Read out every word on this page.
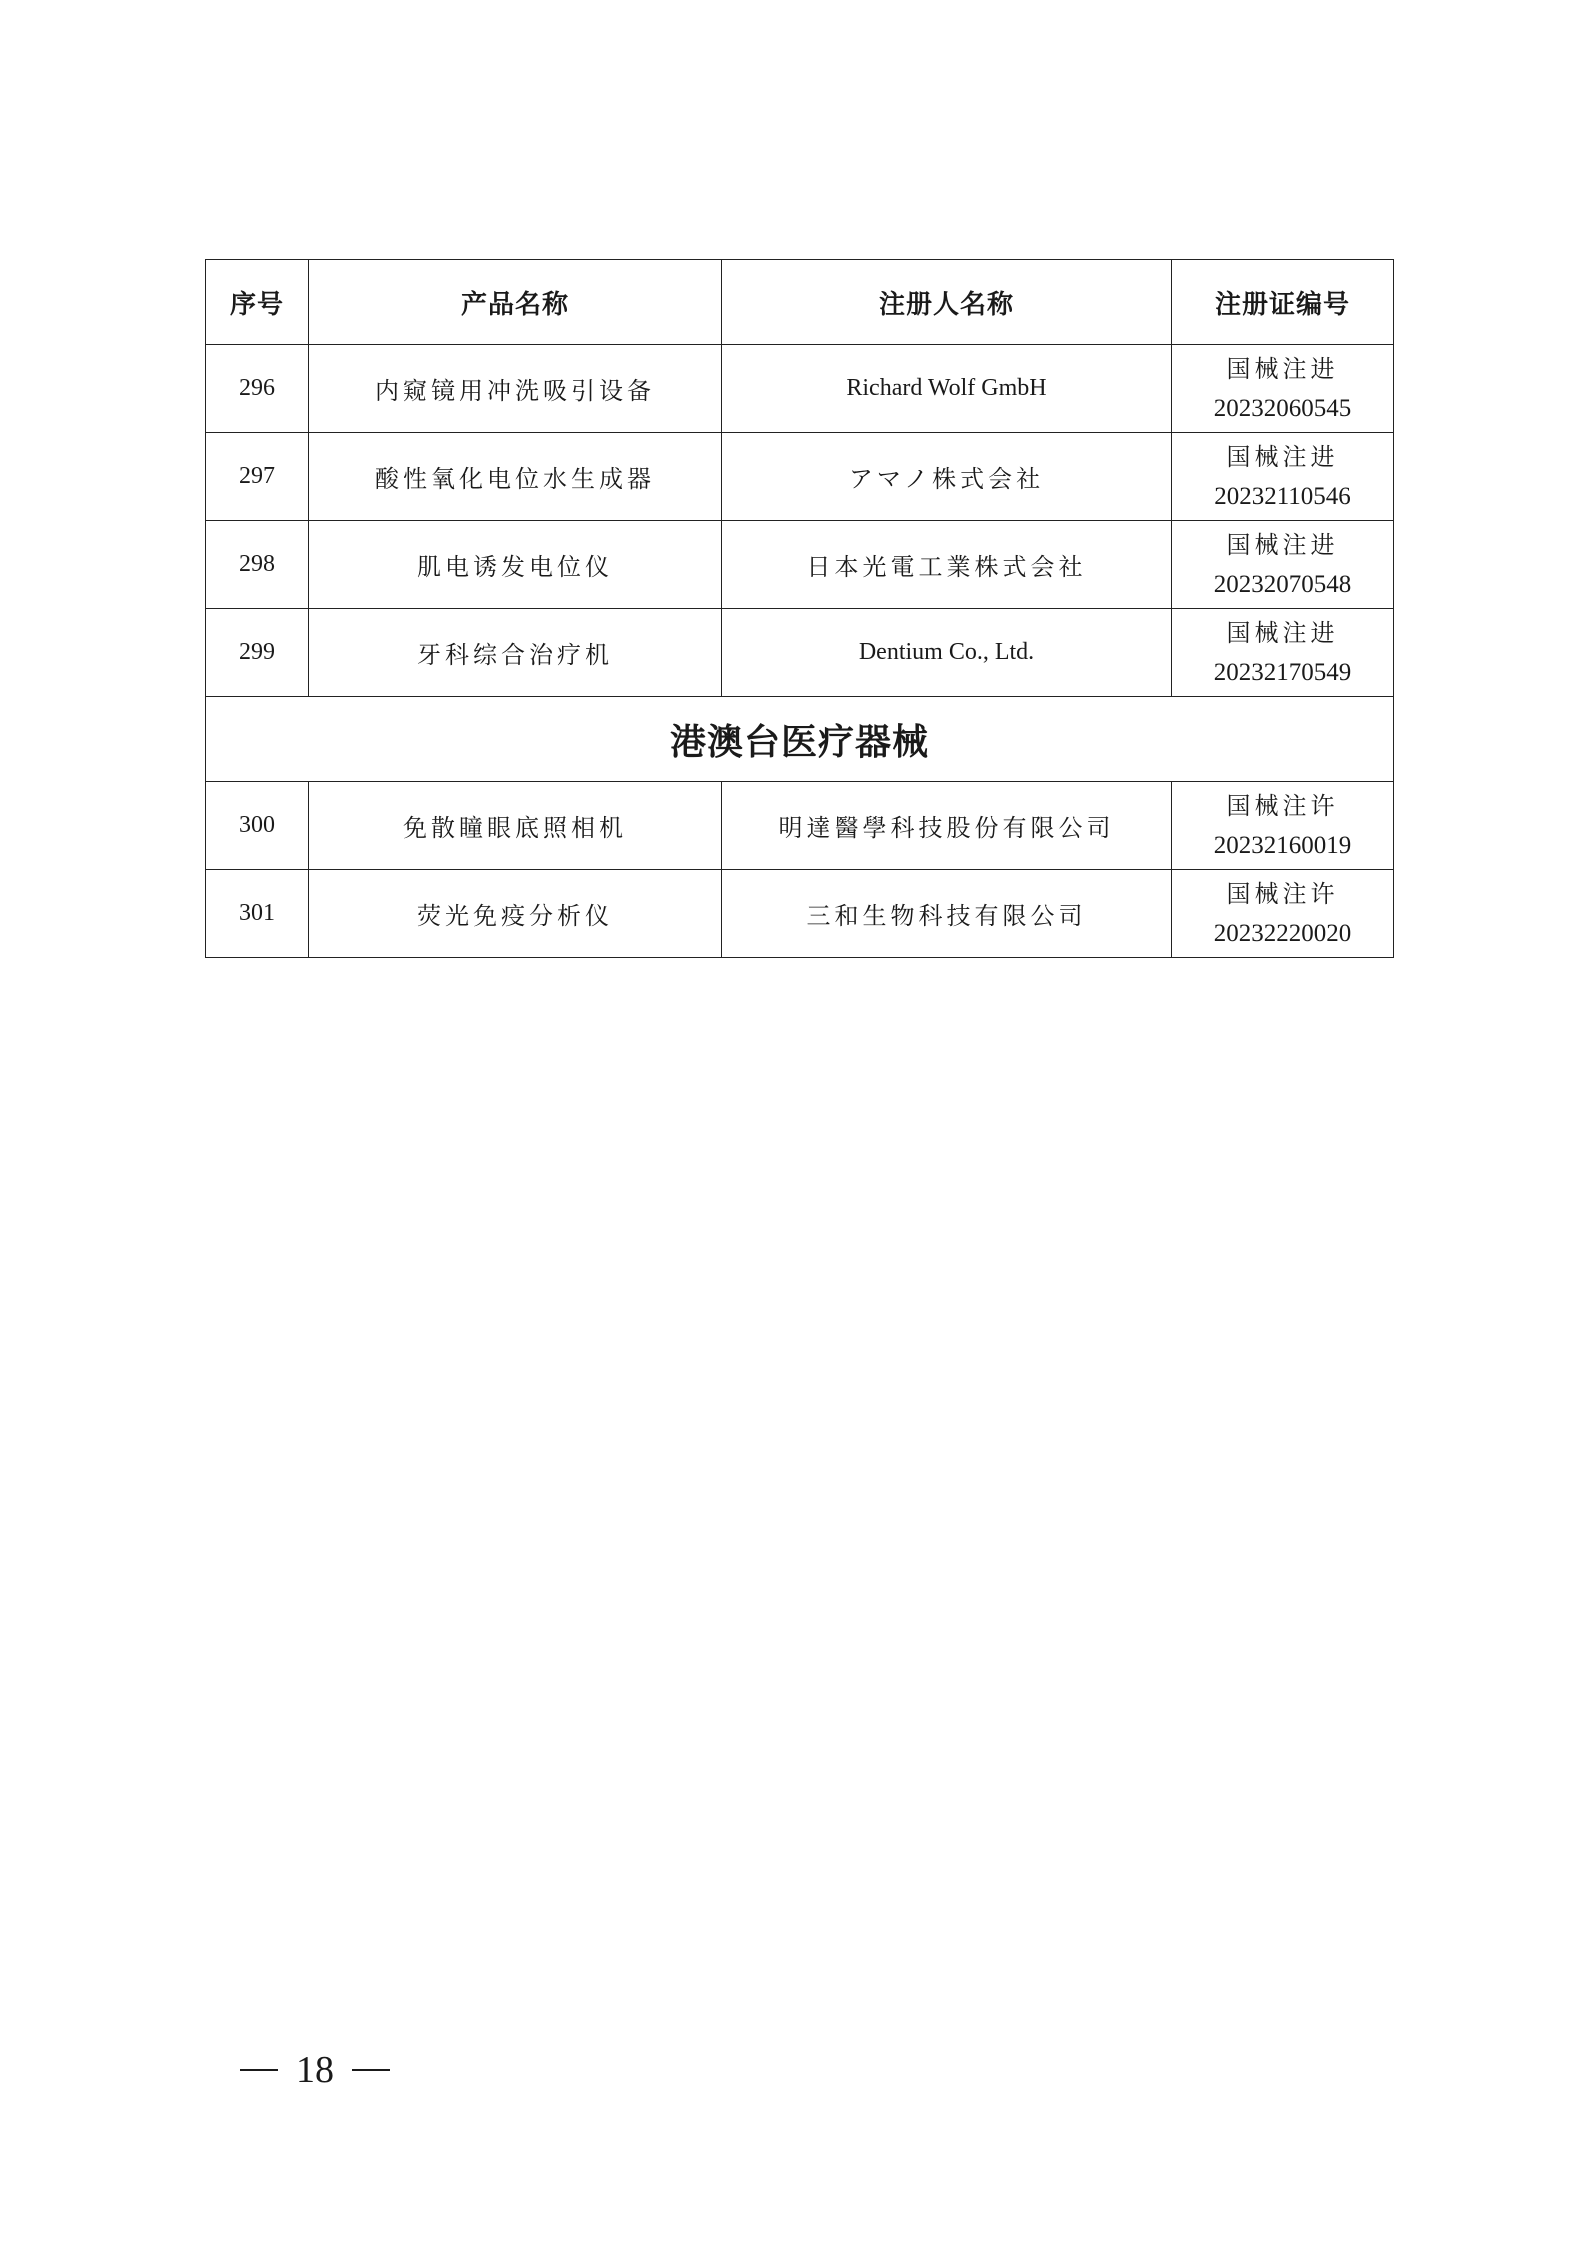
序号	产品名称	注册人名称	注册证编号
296	内窥镜用冲洗吸引设备	Richard Wolf GmbH	国械注进
20232060545

297	酸性氧化电位水生成器	アマノ株式会社	国械注进
20232110546

298	肌电诱发电位仪	日本光電工業株式会社	国械注进
20232070548

299	牙科综合治疗机	Dentium Co., Ltd.	国械注进
20232170549

港澳台医疗器械			
300	免散瞳眼底照相机	明達醫學科技股份有限公司	国械注许
20232160019

301	荧光免疫分析仪	三和生物科技有限公司	国械注许
20232220020
18
